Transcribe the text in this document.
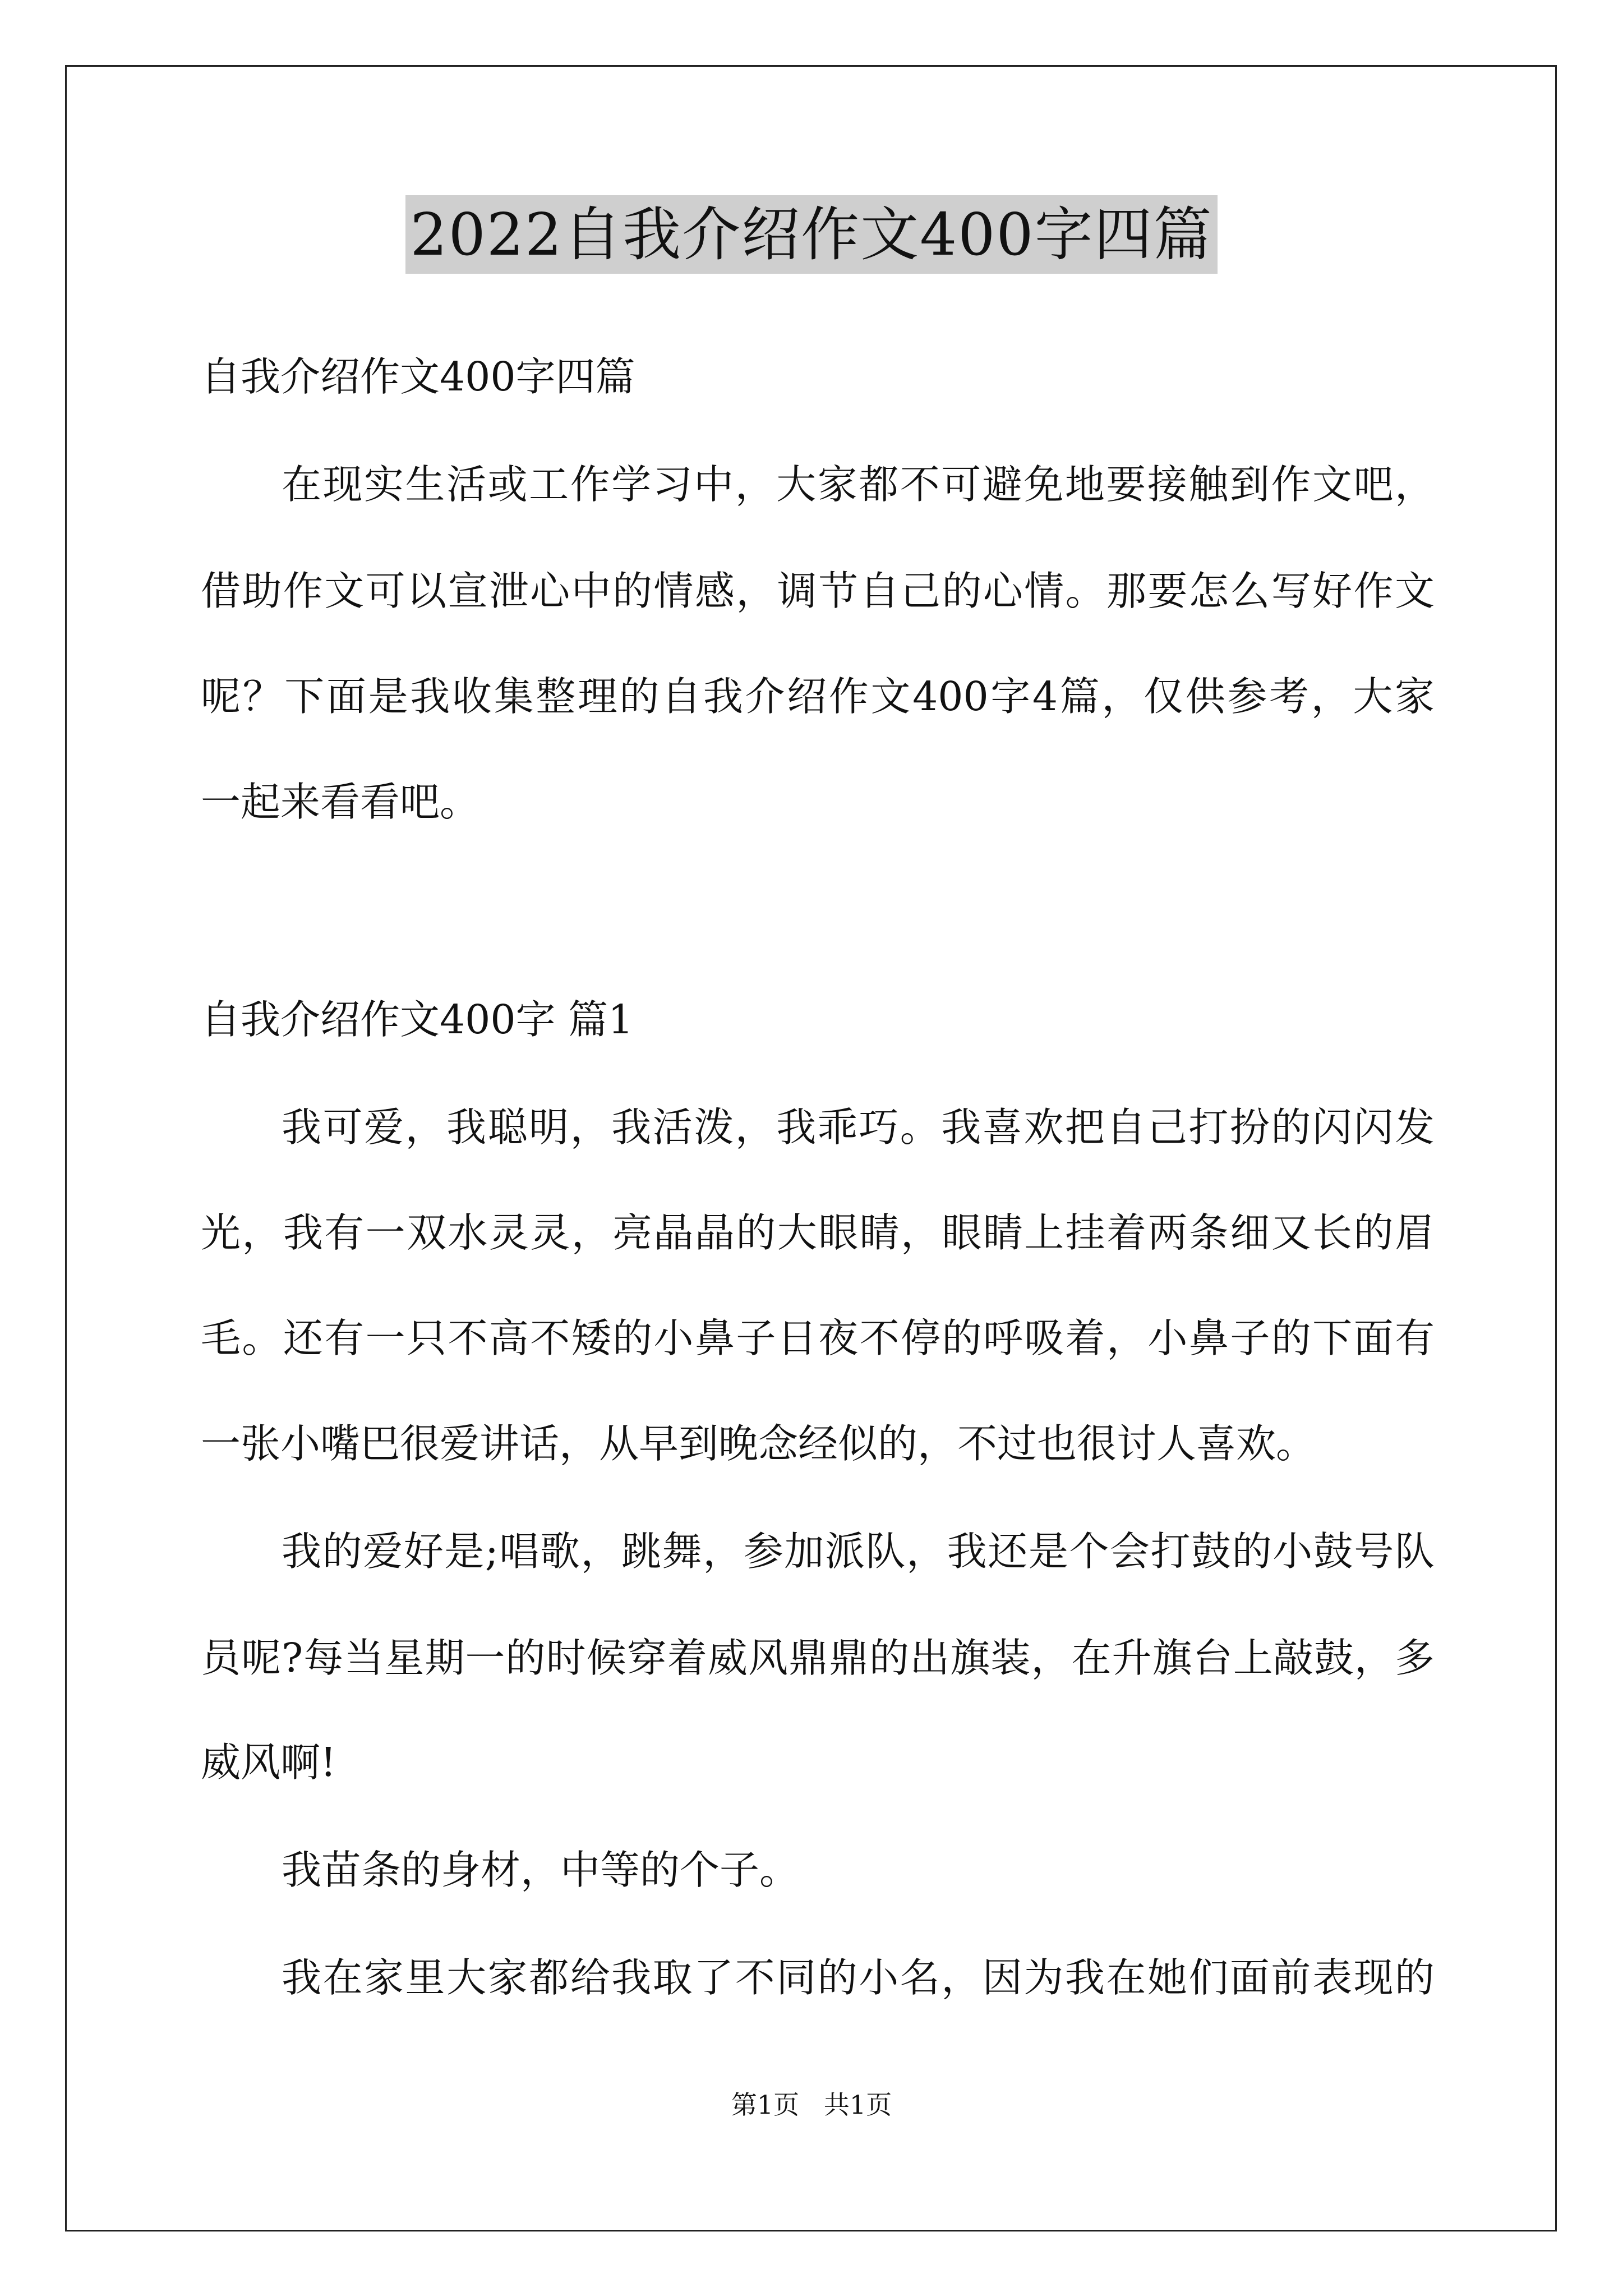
2022自我介绍作文400字四篇
自我介绍作文400字四篇
在现实生活或工作学习中，大家都不可避免地要接触到作文吧，
借助作文可以宣泄心中的情感，调节自己的心情。那要怎么写好作文
呢？下面是我收集整理的自我介绍作文400字4篇，仅供参考，大家
一起来看看吧。
自我介绍作文400字 篇1
我可爱，我聪明，我活泼，我乖巧。我喜欢把自己打扮的闪闪发
光，我有一双水灵灵，亮晶晶的大眼睛，眼睛上挂着两条细又长的眉
毛。还有一只不高不矮的小鼻子日夜不停的呼吸着，小鼻子的下面有
一张小嘴巴很爱讲话，从早到晚念经似的，不过也很讨人喜欢。
我的爱好是;唱歌，跳舞，参加派队，我还是个会打鼓的小鼓号队
员呢?每当星期一的时候穿着威风鼎鼎的出旗装，在升旗台上敲鼓，多
威风啊!
我苗条的身材，中等的个子。
我在家里大家都给我取了不同的小名，因为我在她们面前表现的
第1页   共1页
